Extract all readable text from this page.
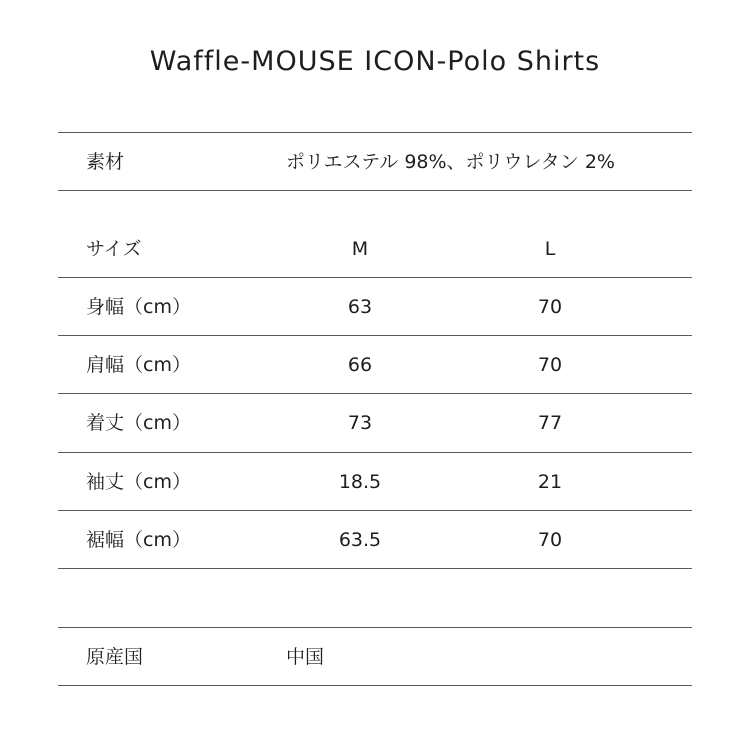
Waffle-MOUSE ICON-Polo Shirts
素材	ポリエステル 98%、ポリウレタン 2%
サイズ	M	L
身幅（cm）	63	70
肩幅（cm）	66	70
着丈（cm）	73	77
袖丈（cm）	18.5	21
裾幅（cm）	63.5	70
原産国	中国
